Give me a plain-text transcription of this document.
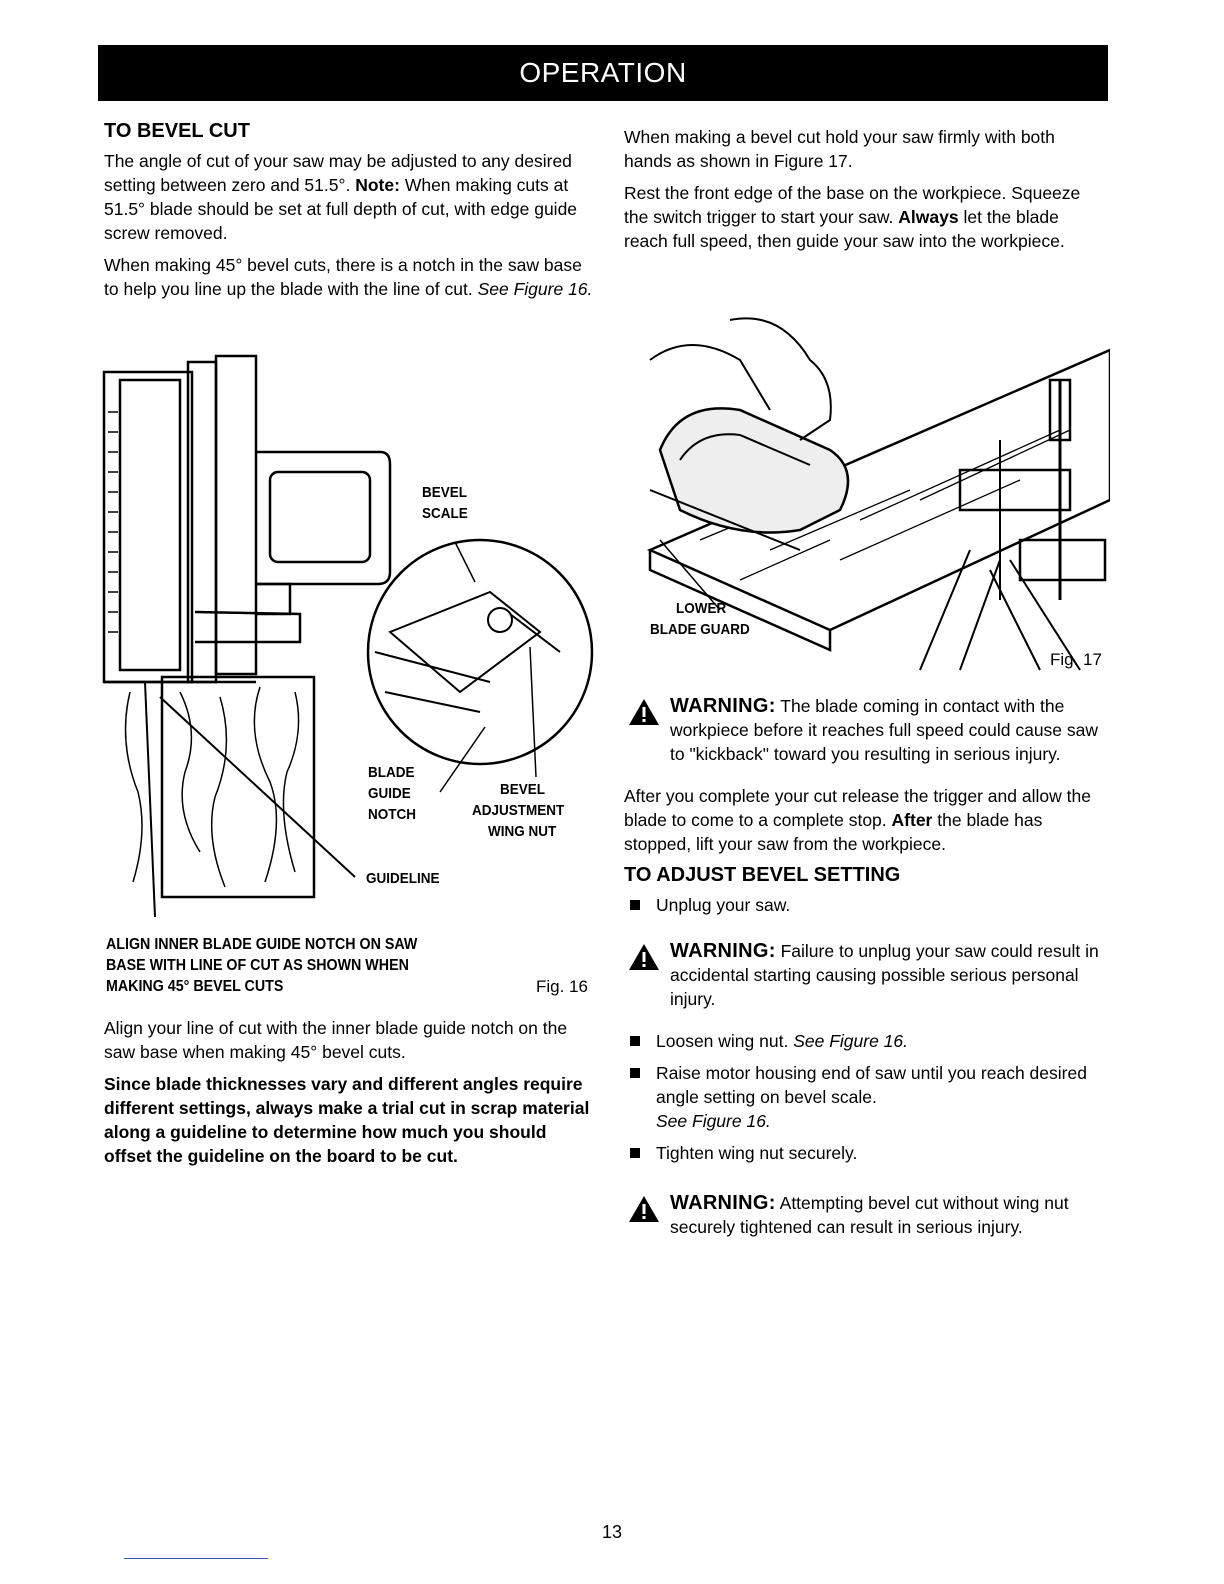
OPERATION
TO BEVEL CUT

The angle of cut of your saw may be adjusted to any desired setting between zero and 51.5°. Note: When making cuts at 51.5° blade should be set at full depth of cut, with edge guide screw removed.

When making 45° bevel cuts, there is a notch in the saw base to help you line up the blade with the line of cut. See Figure 16.

BEVEL
SCALE
BLADE
GUIDE
NOTCH
BEVEL
ADJUSTMENT
WING NUT
GUIDELINE
ALIGN INNER BLADE GUIDE NOTCH ON SAW
BASE WITH LINE OF CUT AS SHOWN WHEN
MAKING 45° BEVEL CUTS	Fig. 16

Align your line of cut with the inner blade guide notch on the saw base when making 45° bevel cuts.

Since blade thicknesses vary and different angles require different settings, always make a trial cut in scrap material along a guideline to determine how much you should offset the guideline on the board to be cut.

When making a bevel cut hold your saw firmly with both hands as shown in Figure 17.

Rest the front edge of the base on the workpiece. Squeeze the switch trigger to start your saw. Always let the blade reach full speed, then guide your saw into the workpiece.

LOWER
BLADE GUARD
Fig. 17
WARNING: The blade coming in contact with the workpiece before it reaches full speed could cause saw to "kickback" toward you resulting in serious injury.

After you complete your cut release the trigger and allow the blade to come to a complete stop. After the blade has stopped, lift your saw from the workpiece.

TO ADJUST BEVEL SETTING
Unplug your saw.
WARNING: Failure to unplug your saw could result in accidental starting causing possible serious personal injury.
Loosen wing nut. See Figure 16.
Raise motor housing end of saw until you reach desired angle setting on bevel scale.
See Figure 16.
Tighten wing nut securely.
WARNING: Attempting bevel cut without wing nut securely tightened can result in serious injury.
13
